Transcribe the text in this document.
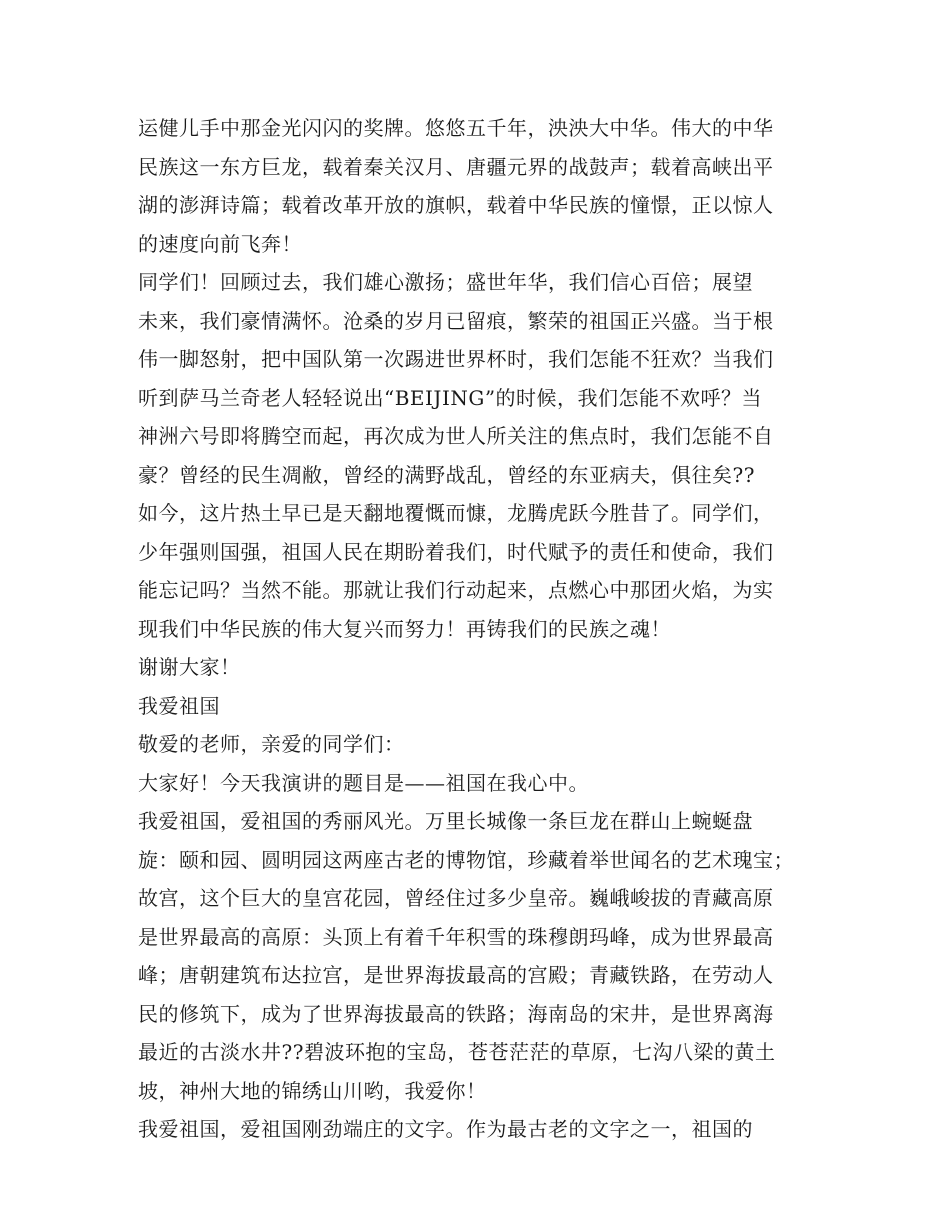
运健儿手中那金光闪闪的奖牌。悠悠五千年，泱泱大中华。伟大的中华
民族这一东方巨龙，载着秦关汉月、唐疆元界的战鼓声；载着高峡出平
湖的澎湃诗篇；载着改革开放的旗帜，载着中华民族的憧憬，正以惊人
的速度向前飞奔！
同学们！回顾过去，我们雄心激扬；盛世年华，我们信心百倍；展望
未来，我们豪情满怀。沧桑的岁月已留痕，繁荣的祖国正兴盛。当于根
伟一脚怒射，把中国队第一次踢进世界杯时，我们怎能不狂欢？当我们
听到萨马兰奇老人轻轻说出“BEIJING”的时候，我们怎能不欢呼？当
神洲六号即将腾空而起，再次成为世人所关注的焦点时，我们怎能不自
豪？曾经的民生凋敝，曾经的满野战乱，曾经的东亚病夫，俱往矣??
如今，这片热土早已是天翻地覆慨而慷，龙腾虎跃今胜昔了。同学们，
少年强则国强，祖国人民在期盼着我们，时代赋予的责任和使命，我们
能忘记吗？当然不能。那就让我们行动起来，点燃心中那团火焰，为实
现我们中华民族的伟大复兴而努力！再铸我们的民族之魂！
谢谢大家！
我爱祖国
敬爱的老师，亲爱的同学们：
大家好！今天我演讲的题目是——祖国在我心中。
我爱祖国，爱祖国的秀丽风光。万里长城像一条巨龙在群山上蜿蜒盘
旋：颐和园、圆明园这两座古老的博物馆，珍藏着举世闻名的艺术瑰宝；
故宫，这个巨大的皇宫花园，曾经住过多少皇帝。巍峨峻拔的青藏高原
是世界最高的高原：头顶上有着千年积雪的珠穆朗玛峰，成为世界最高
峰；唐朝建筑布达拉宫，是世界海拔最高的宫殿；青藏铁路，在劳动人
民的修筑下，成为了世界海拔最高的铁路；海南岛的宋井，是世界离海
最近的古淡水井??碧波环抱的宝岛，苍苍茫茫的草原，七沟八梁的黄土
坡，神州大地的锦绣山川哟，我爱你！
我爱祖国，爱祖国刚劲端庄的文字。作为最古老的文字之一，祖国的
